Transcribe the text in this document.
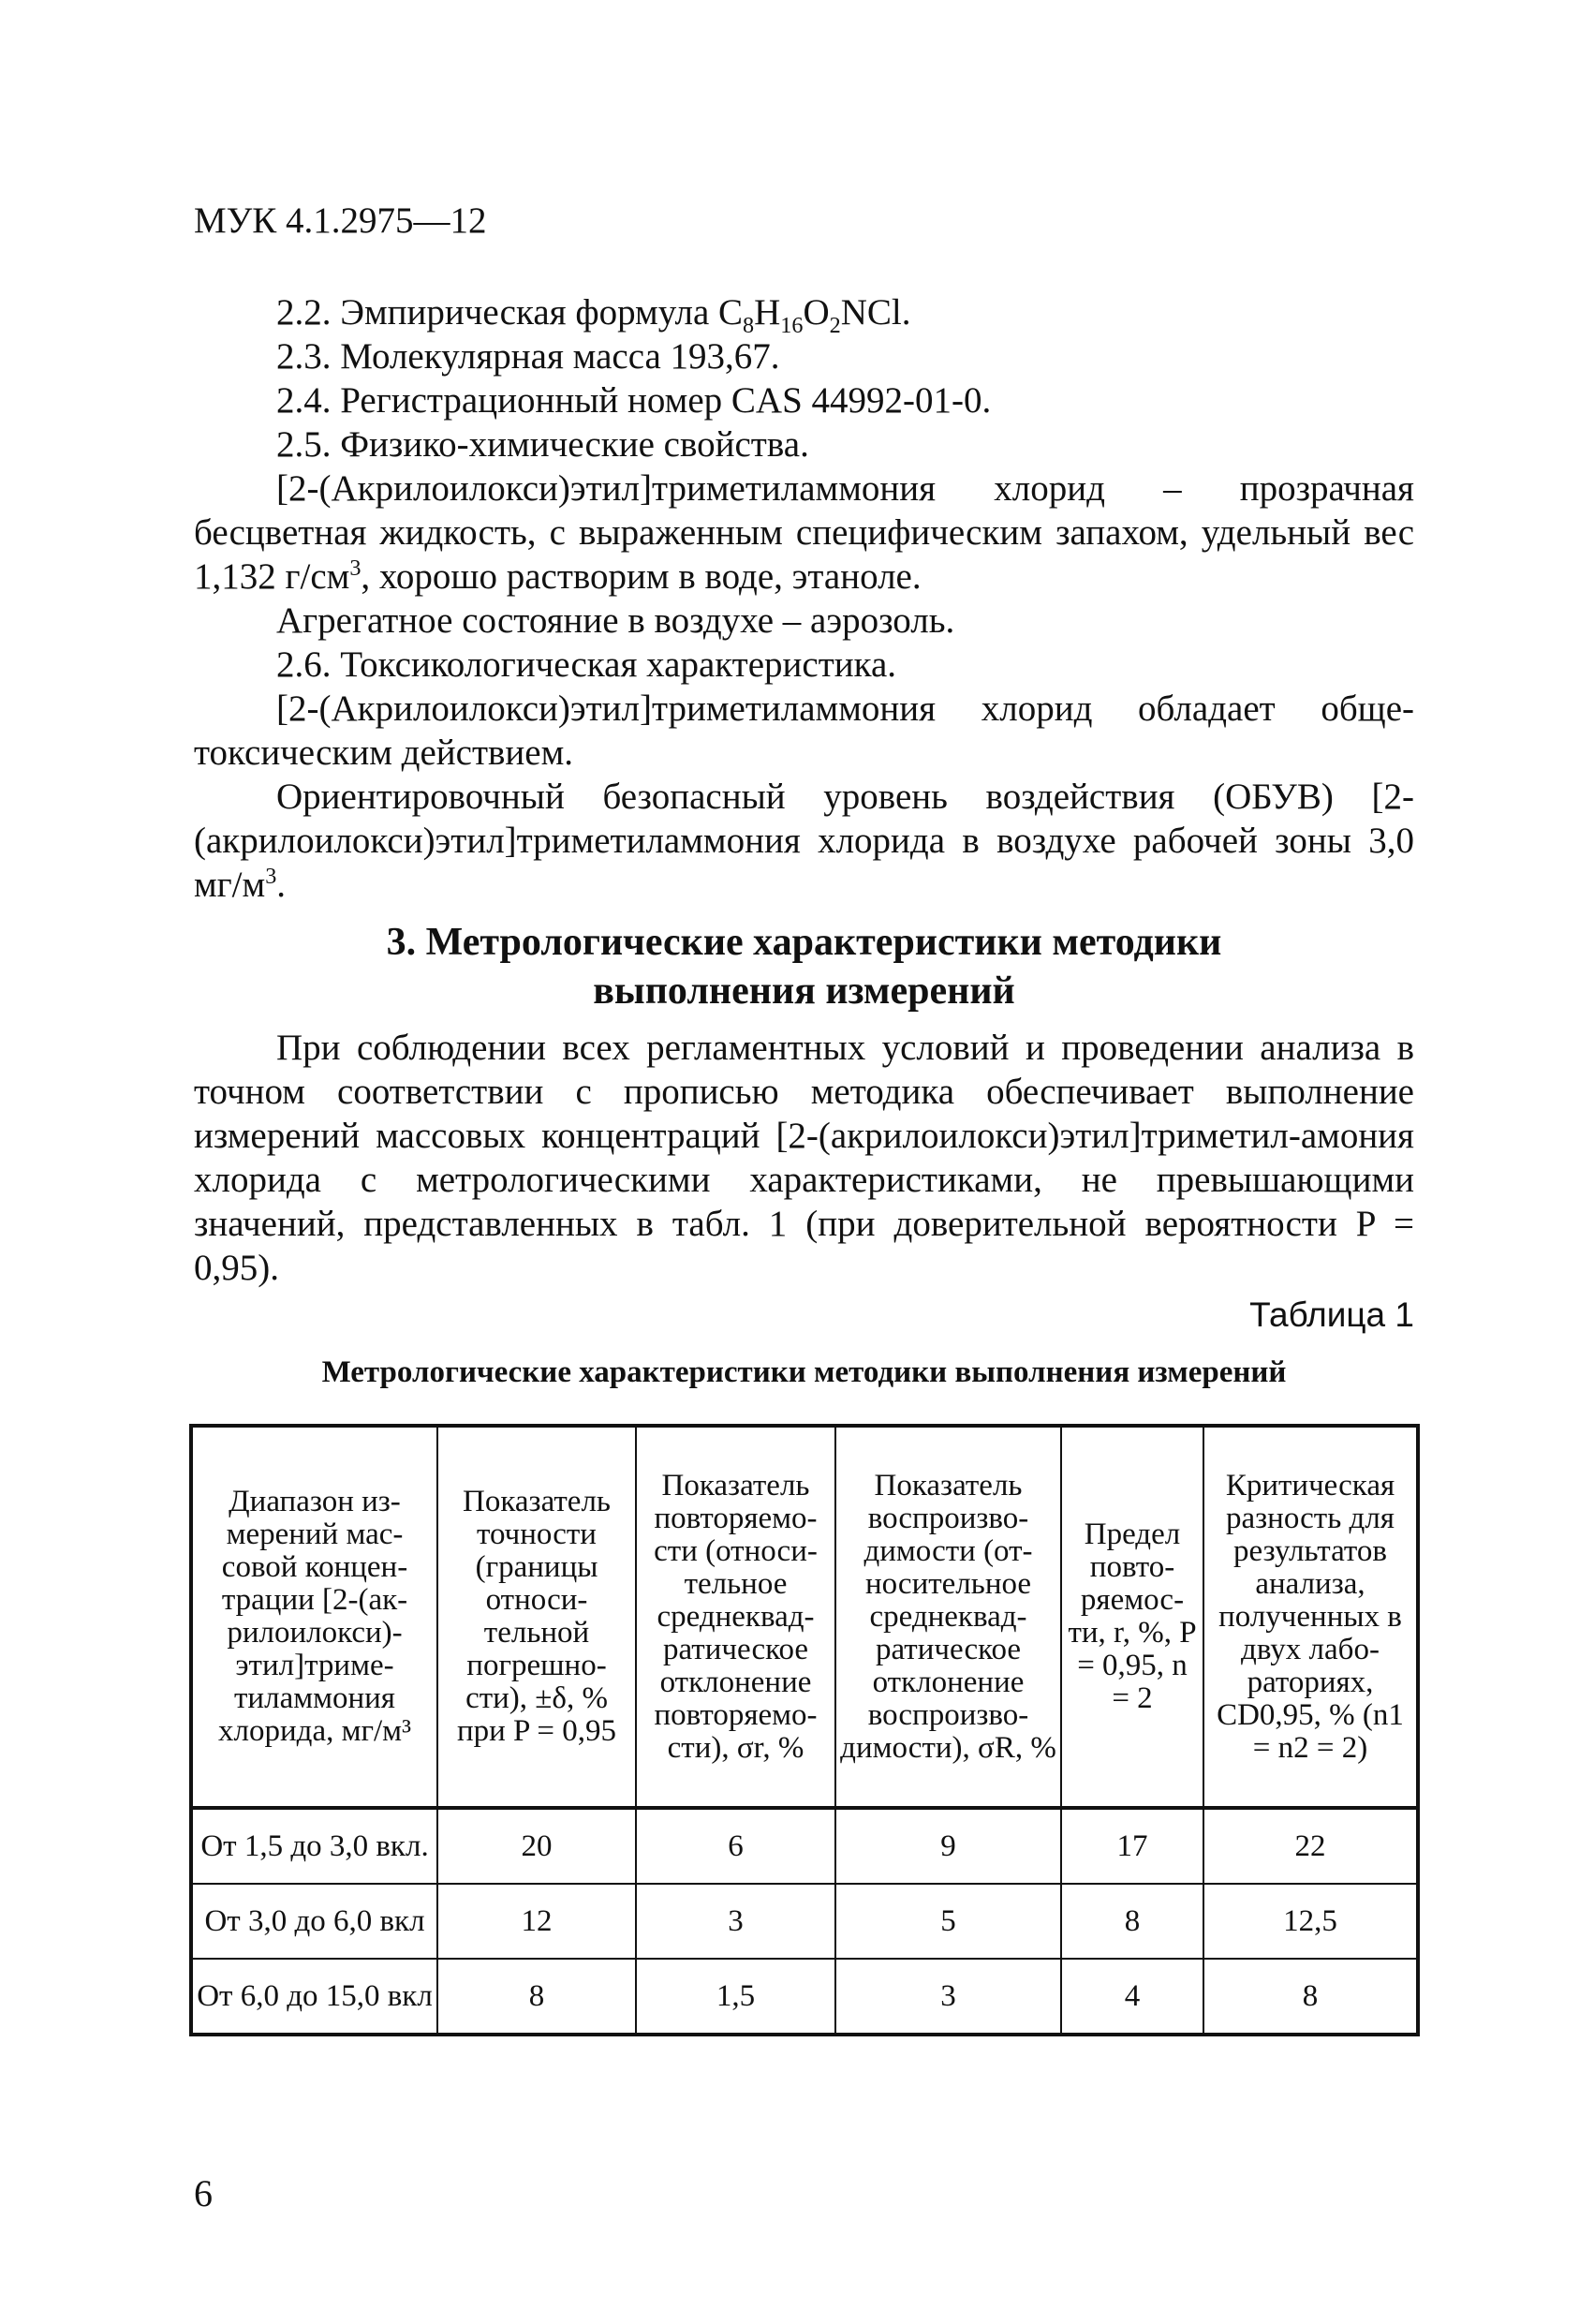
МУК 4.1.2975—12

2.2. Эмпирическая формула $C_8H_{16}O_2NCl$.

2.3. Молекулярная масса 193,67.

2.4. Регистрационный номер CAS 44992-01-0.

2.5. Физико-химические свойства.

[2-(Акрилоилокси)этил]триметиламмония хлорид – прозрачная бесцветная жидкость, с выраженным специфическим запахом, удельный вес 1,132 $г/см^3$, хорошо растворим в воде, этаноле.

Агрегатное состояние в воздухе – аэрозоль.

2.6. Токсикологическая характеристика.

[2-(Акрилоилокси)этил]триметиламмония хлорид обладает обще-токсическим действием.

Ориентировочный безопасный уровень воздействия (ОБУВ) [2-(акрилоилокси)этил]триметиламмония хлорида в воздухе рабочей зоны 3,0 $мг/м^3$.

3. Метрологические характеристики методики
выполнения измерений

При соблюдении всех регламентных условий и проведении анализа в точном соответствии с прописью методика обеспечивает выполнение измерений массовых концентраций [2-(акрилоилокси)этил]триметил-амония хлорида с метрологическими характеристиками, не превышающими значений, представленных в табл. 1 (при доверительной вероятности P = 0,95).

Таблица 1
Метрологические характеристики методики выполнения измерений
Диапазон из-мерений мас-совой концен-трации [2-(ак-рилоилокси)-этил]триме-тиламмония хлорида, мг/м³	Показатель точности (границы относи-тельной погрешно-сти), ±δ, % при P = 0,95	Показатель повторяемо-сти (относи-тельное среднеквад-ратическое отклонение повторяемо-сти), σr, %	Показатель воспроизво-димости (от-носительное среднеквад-ратическое отклонение воспроизво-димости), σR, %	Предел повто-ряемос-ти, r, %, P = 0,95, n = 2	Критическая разность для результатов анализа, полученных в двух лабо-раториях, CD0,95, % (n1 = n2 = 2)
От 1,5 до 3,0 вкл.	20	6	9	17	22
От 3,0 до 6,0 вкл	12	3	5	8	12,5
От 6,0 до 15,0 вкл	8	1,5	3	4	8
6
